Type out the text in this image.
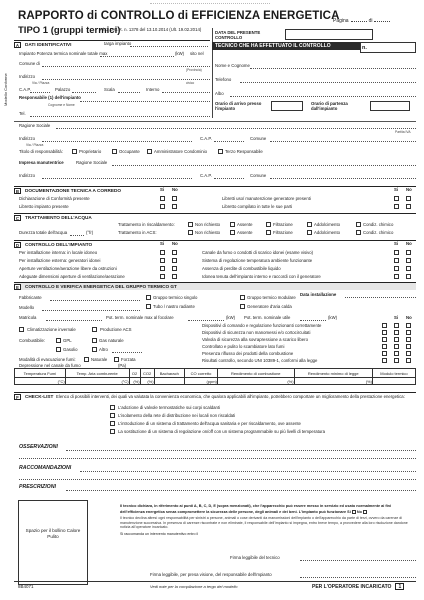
RAPPORTO di CONTROLLO di EFFICIENZA ENERGETICA
TIPO 1 (gruppi termici)
Al. 2 D.G.R. n. 1378 del 13.10.2014 (Ult. 19.02.2014)
Pagina	di
Modello Conforme
A	DATI IDENTIFICATIVI	targa impianto
Impianto Potenza termica nominale totale max	(kW) sito nel
Comune di
(Provincia)
Indirizzo
Via / Piazza	civico
C.A.P.	Palazzo	Scala	Interno
Responsabile (1) dell'impianto
Cognome e Nome
Tel.
DATA DEL PRESENTE CONTROLLO
TECNICO CHE HA EFFETTUATO IL CONTROLLO	n.
Nome e Cognome
Telefono
Albo
Orario di arrivo presso l'impianto
Orario di partenza dall'impianto
Ragione Sociale
Partita IVA
Indirizzo
Via / Piazza
C.A.P.	Comune
Titolo di responsabilità:	Proprietario	Occupante	Amministratore Condominio	Terzo Responsabile
Impresa manutentrice	Ragione Sociale
Indirizzo	C.A.P.	Comune
B	DOCUMENTAZIONE TECNICA A CORREDO	Si No	Si No
Dichiarazione di Conformità presente	Libretti uso/ manutenzione generatore presenti
Libretto impianto presente	Libretto compilato in tutte le sue parti
C	TRATTAMENTO DELL'ACQUA
Trattamento in riscaldamento:
Durezza totale dell'acqua	(°fr)	Trattamento in ACS:
Non richiesto	Assente	Filtrazione	Addolcimento	Condiz. chimico
Non richiesto	Assente	Filtrazione	Addolcimento	Condiz. chimico
D	CONTROLLO DELL'IMPIANTO	Si No	Si No
Per installazione interna: in locale idoneo
Per installazione esterna: generatori idonei
Aperture ventilazione/aerazione libere da ostruzioni
Adeguate dimensioni aperture di ventilazione/aerazione
Canale da fumo o condotti di scarico idonei (esame visivo)
Sistema di regolazione temperatura ambiente funzionante
Assenza di perdite di combustibile liquido
Idonea tenuta dell'impianto interno e raccordi con il generatore
E	CONTROLLO E VERIFICA ENERGETICA DEL GRUPPO TERMICO GT
Data installazione
Fabbricante
Modello
Matricola
Gruppo termico singolo
Tubo / nastro radiante
Gruppo termico modulare
Generatore d'aria calda
Pot. term. nominale max al focolare	(kW) Pot. term. nominale utile	(kW)	Si No
Climatizzazione invernale	Produzione ACS
Combustibile:	GPL	Gas naturale
Gasolio	Altro
Modalità di evacuazione fumi:	Naturale	Forzata
Depressione nel canale da fumo	(Pa)
Dispositivi di comando e regolazione funzionanti correttamente
Dispositivi di sicurezza non manomessi e/o cortocircuitati
Valvola di sicurezza alla sovrapressione a scarico libero
Controllato e pulito lo scambiatore lato fumi
Presenza riflusso dei prodotti della combustione
Risultati controllo, secondo UNI 10389-1, conformi alla legge
Temperatura Fumi	Temp. Aria comburente	O2	CO2	Bacharach	CO corretto	Rendimento di combustione	Rendimento minimo di legge	Modulo termico
(°C)	(°C)	(%)	(%)		(ppm)	(%)	(%)	
F	CHECK-LIST Elenco di possibili interventi, dei quali va valutata la convenienza economica, che qualora applicabili all'impianto, potrebbero comportare un miglioramento della prestazione energetica:
L'adozione di valvole termostatiche sui corpi scaldanti
L'isolamento della rete di distribuzione nei locali non riscaldati
L'introduzione di un sistema di trattamento dell'acqua sanitaria e per riscaldamento, ove assente
La sostituzione di un sistema di regolazione on/off con un sistema programmabile su più livelli di temperatura
OSSERVAZIONI
RACCOMANDAZIONI
PRESCRIZIONI
Spazio per il bollino Calore Pulito
Il tecnico dichiara, in riferimento ai punti A, B, C, D, E (sopra menzionati), che l'apparecchio può essere messo in servizio ed usato normalmente ai fini dell'efficienza energetica senza compromettere la sicurezza delle persone, degli animali e dei beni. L'impianto può funzionare Si No
Il tecnico declina altresì ogni responsabilità per sinistri a persone, animali o cose derivanti da manomissioni dell'impianto o dell'apparecchio da parte di terzi, ovvero da carenze di manutenzione successiva. In presenza di carenze riscontrate e non eliminate, il responsabile dell'impianto si impegna, entro breve tempo, a provvedere alla loro risoluzione dandone notizia all'operatore incaricato.
Si raccomanda un intervento manutentivo entro il
Firma leggibile del tecnico
Firma leggibile, per presa visione, del responsabile dell'impianto
8B4071	Vedi note per la compilazione a tergo del modello	PER L'OPERATORE INCARICATO 1
